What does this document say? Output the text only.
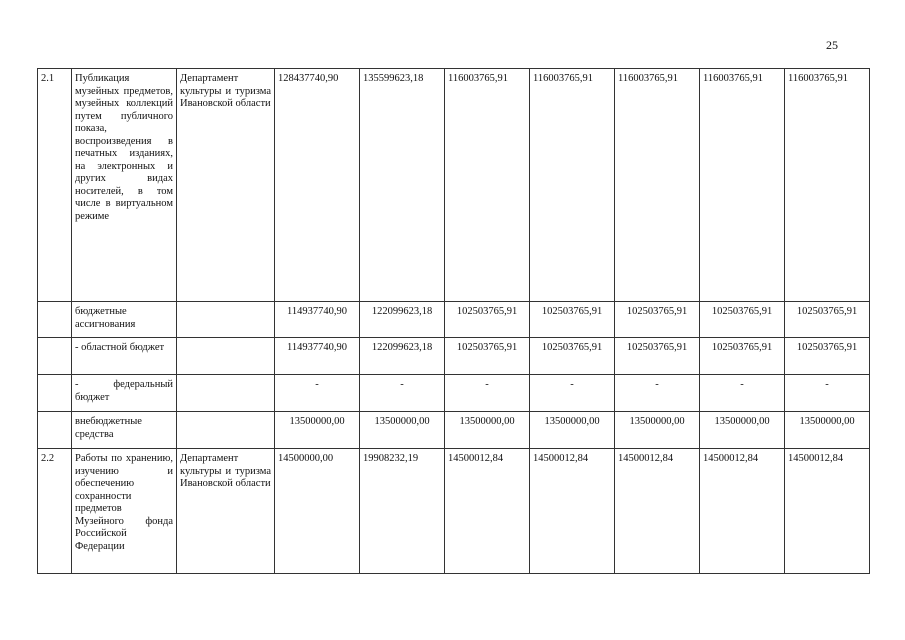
25
2.1	Публикация музейных предметов, музейных коллекций путем публичного показа, воспроизведения в печатных изданиях, на электронных и других видах носителей, в том числе в виртуальном режиме	Департамент культуры и туризма Ивановской области	128437740,90	135599623,18	116003765,91	116003765,91	116003765,91	116003765,91	116003765,91
	бюджетные ассигнования		114937740,90	122099623,18	102503765,91	102503765,91	102503765,91	102503765,91	102503765,91
	- областной бюджет		114937740,90	122099623,18	102503765,91	102503765,91	102503765,91	102503765,91	102503765,91
	- федеральный бюджет		-	-	-	-	-	-	-
	внебюджетные средства		13500000,00	13500000,00	13500000,00	13500000,00	13500000,00	13500000,00	13500000,00
2.2	Работы по хранению, изучению и обеспечению сохранности предметов Музейного фонда Российской Федерации	Департамент культуры и туризма Ивановской области	14500000,00	19908232,19	14500012,84	14500012,84	14500012,84	14500012,84	14500012,84
